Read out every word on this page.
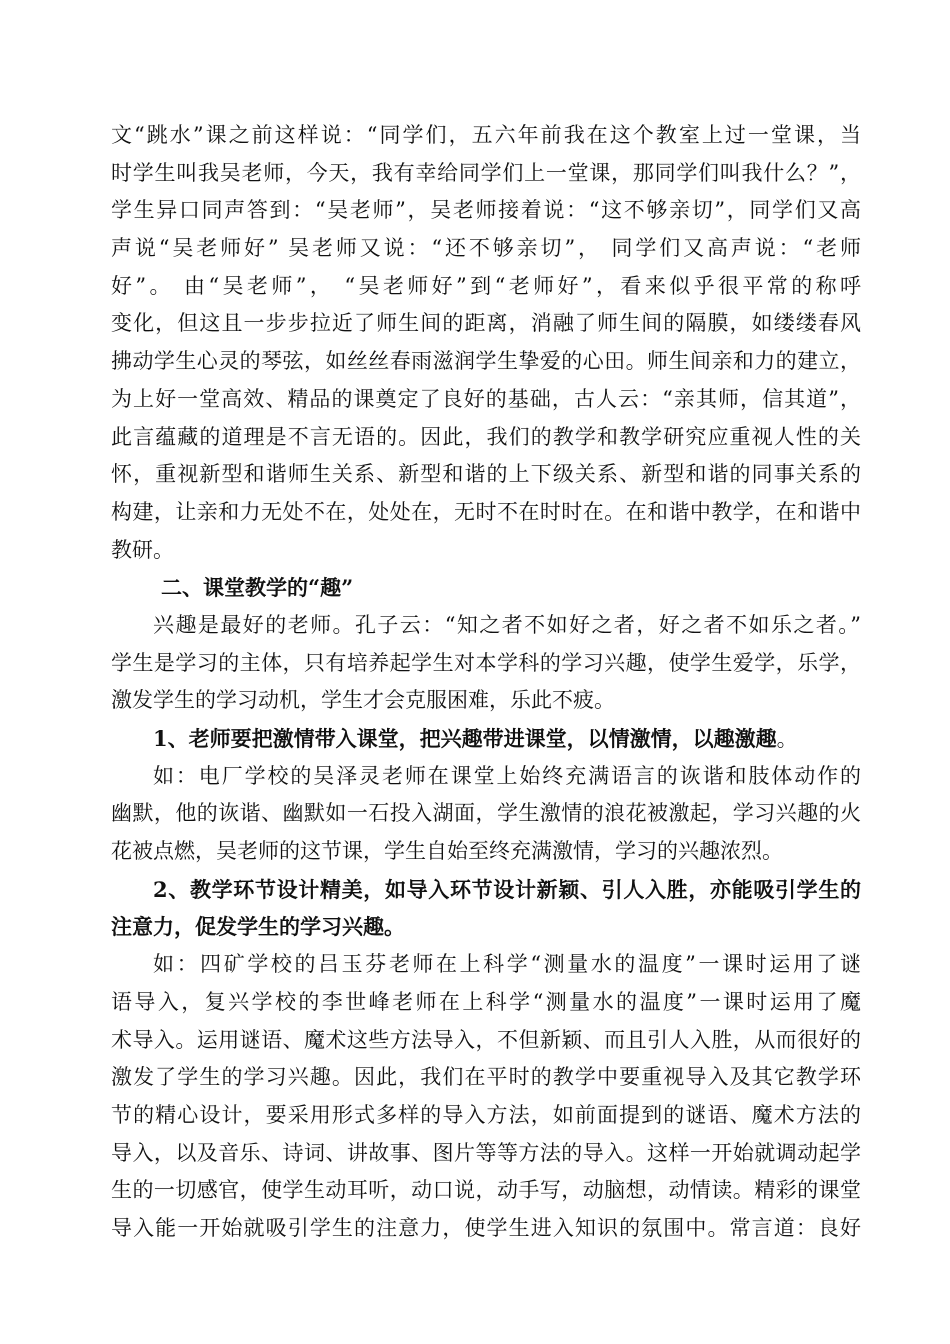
文“跳水”课之前这样说：“同学们，五六年前我在这个教室上过一堂课，当
时学生叫我吴老师，今天，我有幸给同学们上一堂课，那同学们叫我什么？”，
学生异口同声答到：“吴老师”，吴老师接着说：“这不够亲切”，同学们又高
声说“吴老师好” 吴老师又说：“还不够亲切”， 同学们又高声说：“老师
好”。 由“吴老师”， “吴老师好”到“老师好”，看来似乎很平常的称呼
变化，但这且一步步拉近了师生间的距离，消融了师生间的隔膜，如缕缕春风
拂动学生心灵的琴弦，如丝丝春雨滋润学生挚爱的心田。师生间亲和力的建立，
为上好一堂高效、精品的课奠定了良好的基础，古人云：“亲其师，信其道”，
此言蕴藏的道理是不言无语的。因此，我们的教学和教学研究应重视人性的关
怀，重视新型和谐师生关系、新型和谐的上下级关系、新型和谐的同事关系的
构建，让亲和力无处不在，处处在，无时不在时时在。在和谐中教学，在和谐中
教研。
二、课堂教学的“趣”
兴趣是最好的老师。孔子云：“知之者不如好之者，好之者不如乐之者。”
学生是学习的主体，只有培养起学生对本学科的学习兴趣，使学生爱学，乐学，
激发学生的学习动机，学生才会克服困难，乐此不疲。
1、老师要把激情带入课堂，把兴趣带进课堂，以情激情，以趣激趣。
如：电厂学校的吴泽灵老师在课堂上始终充满语言的诙谐和肢体动作的
幽默，他的诙谐、幽默如一石投入湖面，学生激情的浪花被激起，学习兴趣的火
花被点燃，吴老师的这节课，学生自始至终充满激情，学习的兴趣浓烈。
2、教学环节设计精美，如导入环节设计新颖、引人入胜，亦能吸引学生的
注意力，促发学生的学习兴趣。
如：四矿学校的吕玉芬老师在上科学“测量水的温度”一课时运用了谜
语导入，复兴学校的李世峰老师在上科学“测量水的温度”一课时运用了魔
术导入。运用谜语、魔术这些方法导入，不但新颖、而且引人入胜，从而很好的
激发了学生的学习兴趣。因此，我们在平时的教学中要重视导入及其它教学环
节的精心设计，要采用形式多样的导入方法，如前面提到的谜语、魔术方法的
导入，以及音乐、诗词、讲故事、图片等等方法的导入。这样一开始就调动起学
生的一切感官，使学生动耳听，动口说，动手写，动脑想，动情读。精彩的课堂
导入能一开始就吸引学生的注意力，使学生进入知识的氛围中。常言道：良好
